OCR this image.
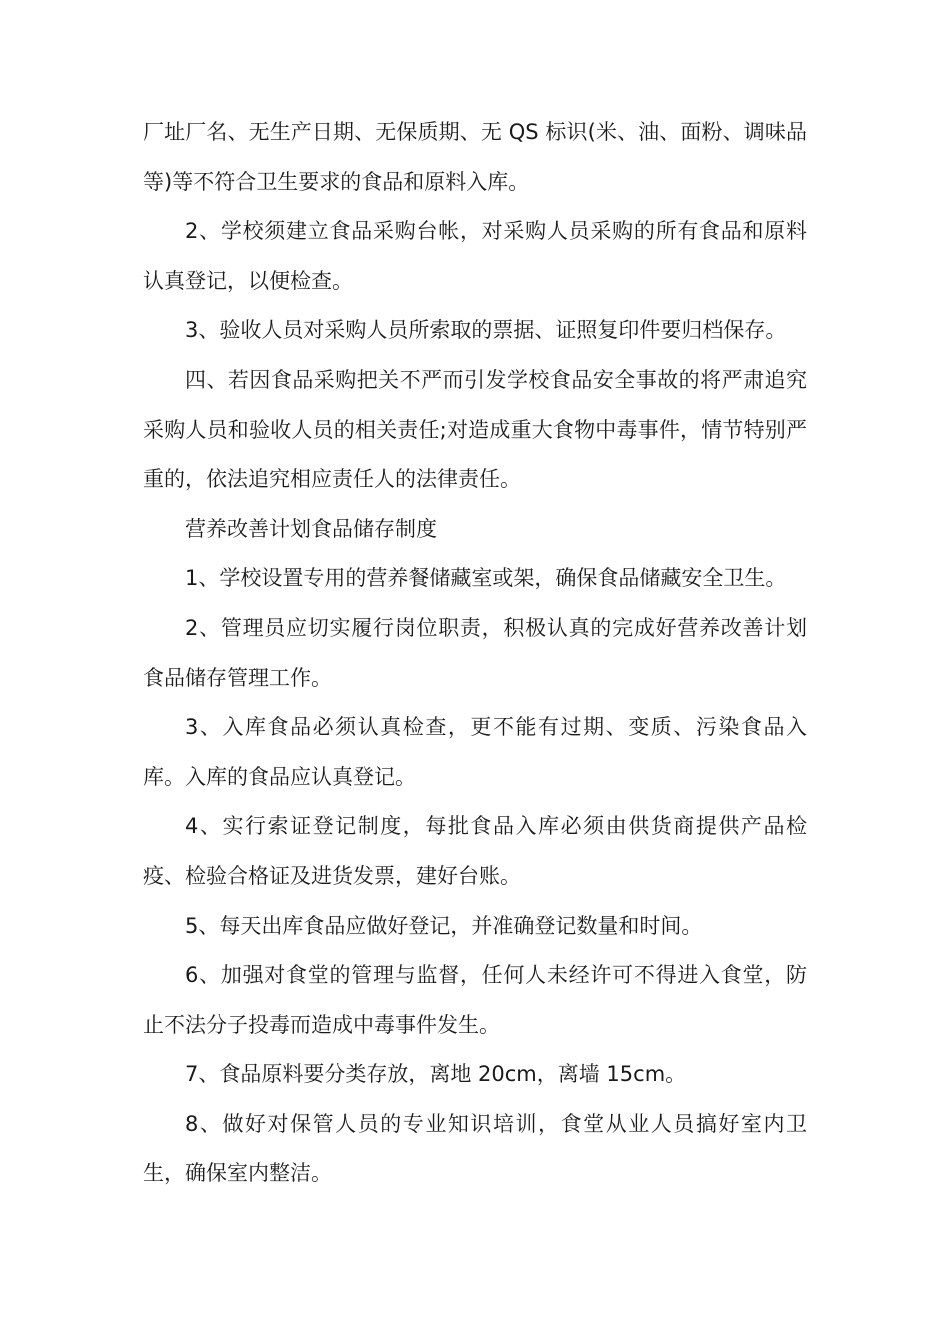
厂址厂名、无生产日期、无保质期、无 QS 标识(米、油、面粉、调味品等)等不符合卫生要求的食品和原料入库。

2、学校须建立食品采购台帐，对采购人员采购的所有食品和原料认真登记，以便检查。

3、验收人员对采购人员所索取的票据、证照复印件要归档保存。

四、若因食品采购把关不严而引发学校食品安全事故的将严肃追究采购人员和验收人员的相关责任;对造成重大食物中毒事件，情节特别严重的，依法追究相应责任人的法律责任。

营养改善计划食品储存制度

1、学校设置专用的营养餐储藏室或架，确保食品储藏安全卫生。

2、管理员应切实履行岗位职责，积极认真的完成好营养改善计划食品储存管理工作。

3、入库食品必须认真检查，更不能有过期、变质、污染食品入库。入库的食品应认真登记。

4、实行索证登记制度，每批食品入库必须由供货商提供产品检疫、检验合格证及进货发票，建好台账。

5、每天出库食品应做好登记，并准确登记数量和时间。

6、加强对食堂的管理与监督，任何人未经许可不得进入食堂，防止不法分子投毒而造成中毒事件发生。

7、食品原料要分类存放，离地 20cm，离墙 15cm。

8、做好对保管人员的专业知识培训，食堂从业人员搞好室内卫生，确保室内整洁。
